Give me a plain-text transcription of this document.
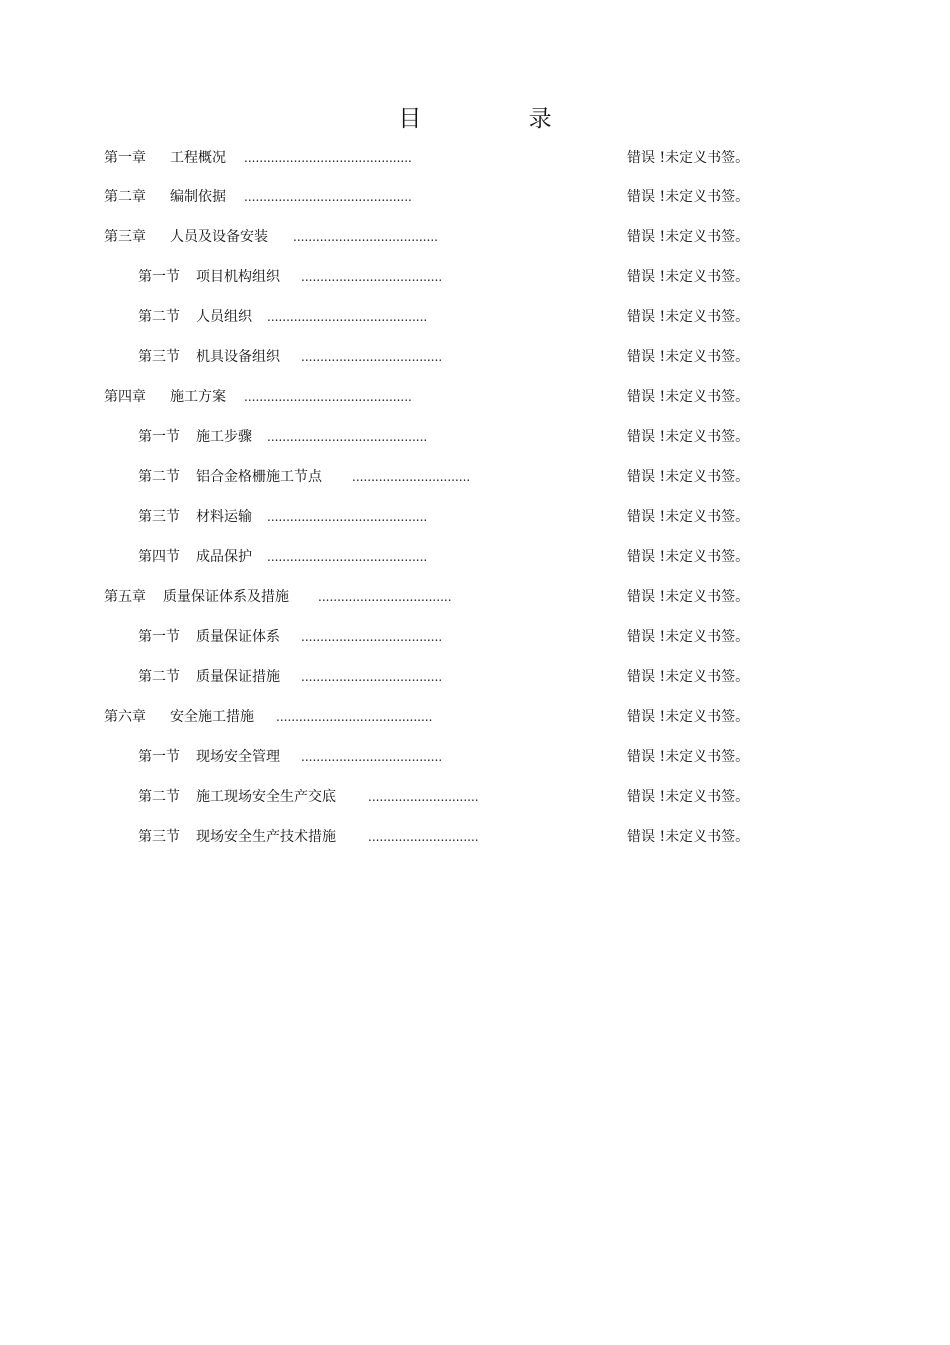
目 录
第一章 工程概况 ............................................	错误 !未定义书签。
第二章 编制依据 ............................................	错误 !未定义书签。
第三章 人员及设备安装 ......................................	错误 !未定义书签。
第一节 项目机构组织 .....................................	错误 !未定义书签。
第二节 人员组织 ..........................................	错误 !未定义书签。
第三节 机具设备组织 .....................................	错误 !未定义书签。
第四章 施工方案 ............................................	错误 !未定义书签。
第一节 施工步骤 ..........................................	错误 !未定义书签。
第二节 铝合金格栅施工节点	...............................	错误 !未定义书签。
第三节 材料运输 ..........................................	错误 !未定义书签。
第四节 成品保护 ..........................................	错误 !未定义书签。
第五章 质量保证体系及措施 ...................................	错误 !未定义书签。
第一节 质量保证体系 .....................................	错误 !未定义书签。
第二节 质量保证措施 .....................................	错误 !未定义书签。
第六章 安全施工措施 .........................................	错误 !未定义书签。
第一节 现场安全管理 .....................................	错误 !未定义书签。
第二节 施工现场安全生产交底	.............................	错误 !未定义书签。
第三节 现场安全生产技术措施	.............................	错误 !未定义书签。
